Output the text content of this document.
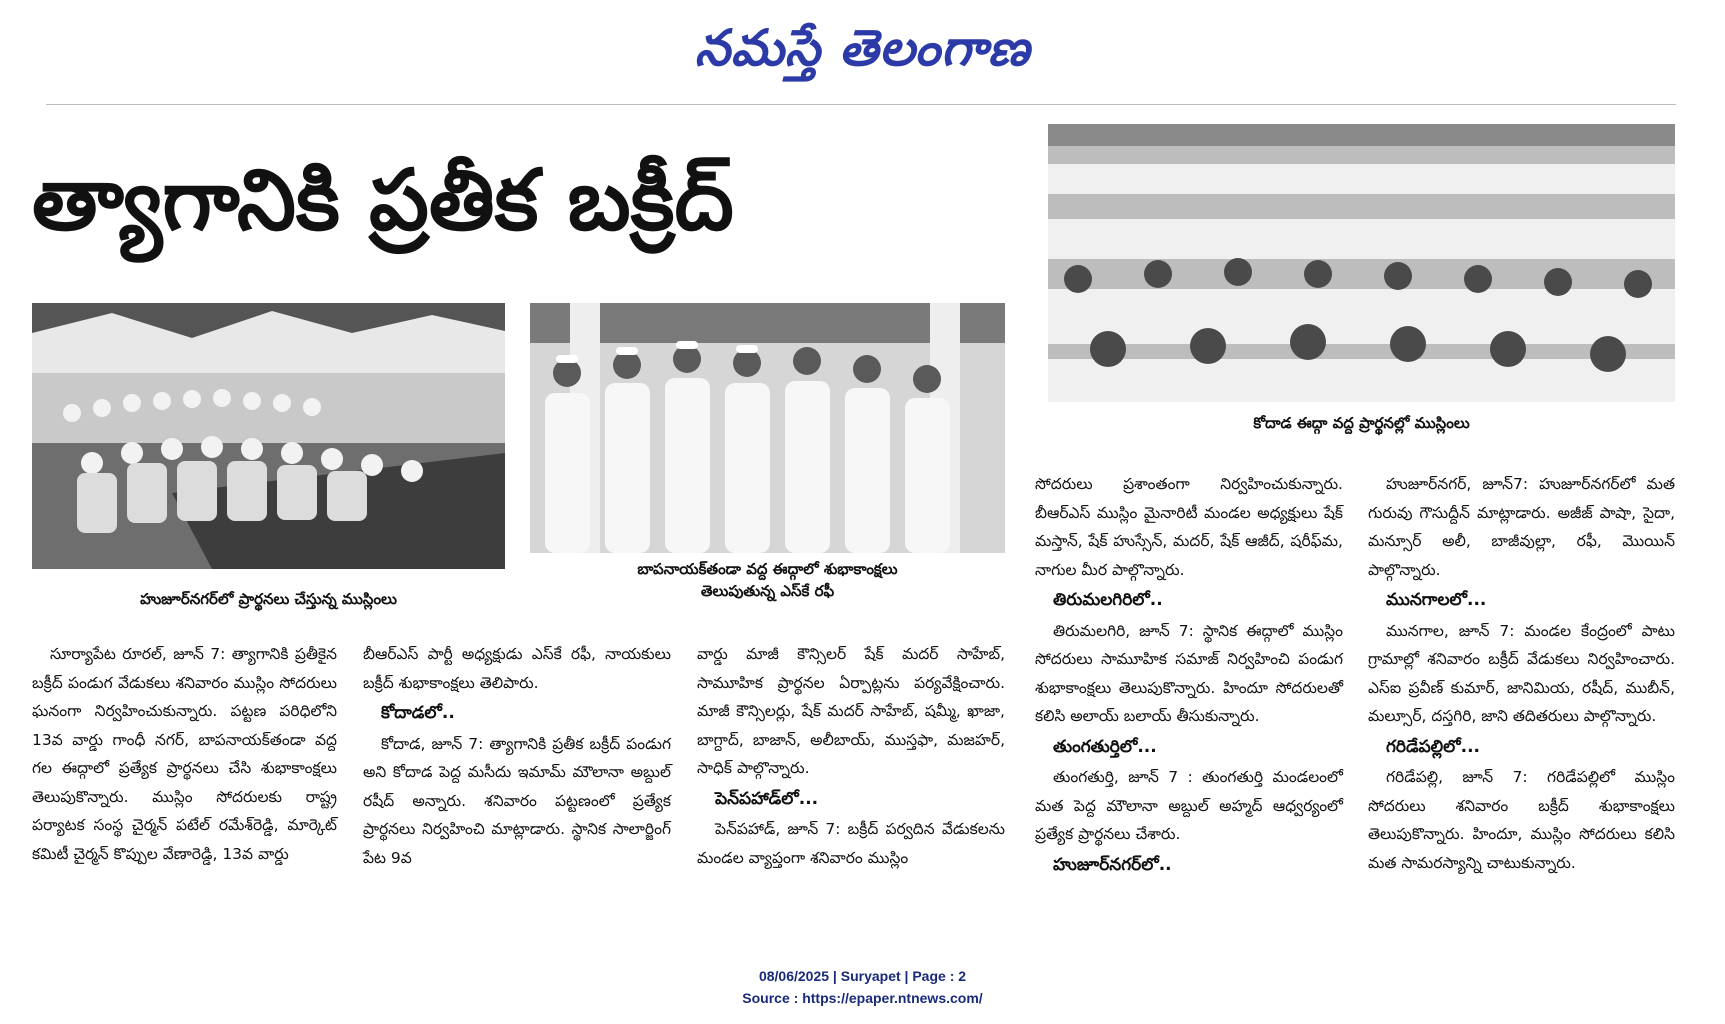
నమస్తే తెలంగాణ
త్యాగానికి ప్రతీక బక్రీద్
హుజూర్‌నగర్‌లో ప్రార్థనలు చేస్తున్న ముస్లింలు
బాపనాయక్‌తండా వద్ద ఈద్గాలో శుభాకాంక్షలు
తెలుపుతున్న ఎస్‌కే రఫీ
కోదాడ ఈద్గా వద్ద ప్రార్థనల్లో ముస్లింలు

సూర్యాపేట రూరల్, జూన్ 7: త్యాగానికి ప్రతీకైన బక్రీద్ పండుగ వేడుకలు శనివారం ముస్లిం సోదరులు ఘనంగా నిర్వహించుకున్నారు. పట్టణ పరిధిలోని 13వ వార్డు గాంధీ నగర్, బాపనాయక్‌తండా వద్ద గల ఈద్గాలో ప్రత్యేక ప్రార్థనలు చేసి శుభాకాంక్షలు తెలుపుకొన్నారు. ముస్లిం సోదరులకు రాష్ట్ర పర్యాటక సంస్థ చైర్మన్ పటేల్ రమేశ్‌రెడ్డి, మార్కెట్ కమిటీ చైర్మన్ కొప్పుల వేణారెడ్డి, 13వ వార్డు

బీఆర్‌ఎస్ పార్టీ అధ్యక్షుడు ఎస్‌కే రఫీ, నాయకులు బక్రీద్ శుభాకాంక్షలు తెలిపారు.

కోదాడలో..

కోదాడ, జూన్ 7: త్యాగానికి ప్రతీక బక్రీద్ పండుగ అని కోదాడ పెద్ద మసీదు ఇమామ్ మౌలానా అబ్దుల్ రషీద్ అన్నారు. శనివారం పట్టణంలో ప్రత్యేక ప్రార్థనలు నిర్వహించి మాట్లాడారు. స్థానిక సాలార్జింగ్ పేట 9వ

వార్డు మాజీ కౌన్సిలర్ షేక్ మదర్ సాహేబ్, సామూహిక ప్రార్థనల ఏర్పాట్లను పర్యవేక్షించారు. మాజీ కౌన్సిలర్లు, షేక్ మదర్ సాహేబ్, షమ్మీ, ఖాజా, బాగ్దాద్, బాజాన్, అలీబాయ్, ముస్తఫా, మజహర్, సాధిక్ పాల్గొన్నారు.

పెన్‌పహాడ్‌లో...

పెన్‌పహాడ్, జూన్ 7: బక్రీద్ పర్వదిన వేడుకలను మండల వ్యాప్తంగా శనివారం ముస్లిం

సోదరులు ప్రశాంతంగా నిర్వహించుకున్నారు. బీఆర్‌ఎస్ ముస్లిం మైనారిటీ మండల అధ్యక్షులు షేక్ మస్తాన్, షేక్ హుస్సేన్, మదర్, షేక్ ఆజీద్, షరీఫ్‌మ, నాగుల మీర పాల్గొన్నారు.

తిరుమలగిరిలో..

తిరుమలగిరి, జూన్ 7: స్థానిక ఈద్గాలో ముస్లిం సోదరులు సామూహిక సమాజ్ నిర్వహించి పండుగ శుభాకాంక్షలు తెలుపుకొన్నారు. హిందూ సోదరులతో కలిసి అలాయ్ బలాయ్ తీసుకున్నారు.

తుంగతుర్తిలో...

తుంగతుర్తి, జూన్ 7 : తుంగతుర్తి మండలంలో మత పెద్ద మౌలానా అబ్దుల్ అహ్మద్ ఆధ్వర్యంలో ప్రత్యేక ప్రార్థనలు చేశారు.

హుజూర్‌నగర్‌లో..

హుజూర్‌నగర్, జూన్7: హుజూర్‌నగర్‌లో మత గురువు గౌసుద్దీన్ మాట్లాడారు. అజీజ్ పాషా, సైదా, మన్సూర్ అలీ, బాజీవుల్లా, రఫీ, మొయిన్ పాల్గొన్నారు.

మునగాలలో...

మునగాల, జూన్ 7: మండల కేంద్రంలో పాటు గ్రామాల్లో శనివారం బక్రీద్ వేడుకలు నిర్వహించారు. ఎస్ఐ ప్రవీణ్ కుమార్, జానిమియ, రషీద్, ముబీన్, మల్సూర్, దస్తగిరి, జాని తదితరులు పాల్గొన్నారు.

గరిడేపల్లిలో...

గరిడేపల్లి, జూన్ 7: గరిడేపల్లిలో ముస్లిం సోదరులు శనివారం బక్రీద్ శుభాకాంక్షలు తెలుపుకొన్నారు. హిందూ, ముస్లిం సోదరులు కలిసి మత సామరస్యాన్ని చాటుకున్నారు.

08/06/2025 | Suryapet | Page : 2
Source : https://epaper.ntnews.com/
